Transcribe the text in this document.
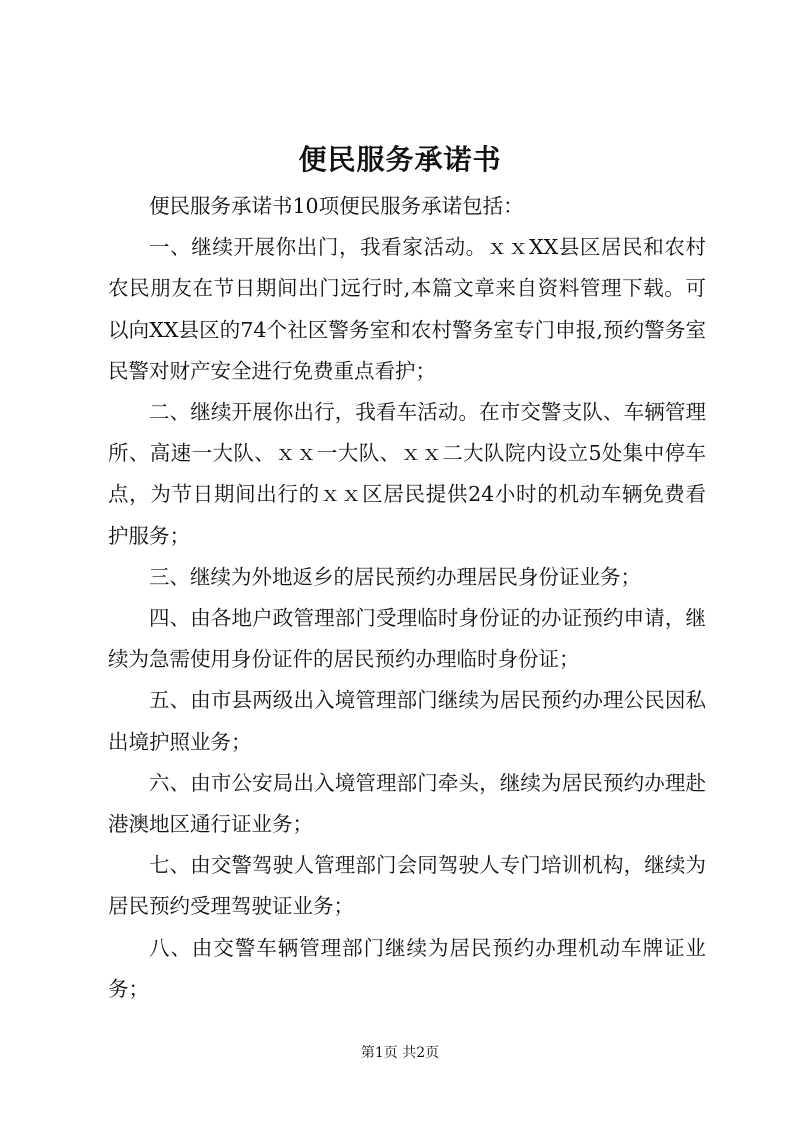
便民服务承诺书

便民服务承诺书10项便民服务承诺包括：

一、继续开展你出门，我看家活动。ｘｘXX县区居民和农村农民朋友在节日期间出门远行时,本篇文章来自资料管理下载。可以向XX县区的74个社区警务室和农村警务室专门申报,预约警务室民警对财产安全进行免费重点看护；

二、继续开展你出行，我看车活动。在市交警支队、车辆管理所、高速一大队、ｘｘ一大队、ｘｘ二大队院内设立5处集中停车点，为节日期间出行的ｘｘ区居民提供24小时的机动车辆免费看护服务；

三、继续为外地返乡的居民预约办理居民身份证业务；

四、由各地户政管理部门受理临时身份证的办证预约申请，继续为急需使用身份证件的居民预约办理临时身份证；

五、由市县两级出入境管理部门继续为居民预约办理公民因私出境护照业务；

六、由市公安局出入境管理部门牵头，继续为居民预约办理赴港澳地区通行证业务；

七、由交警驾驶人管理部门会同驾驶人专门培训机构，继续为居民预约受理驾驶证业务；

八、由交警车辆管理部门继续为居民预约办理机动车牌证业务；

第1页 共2页
